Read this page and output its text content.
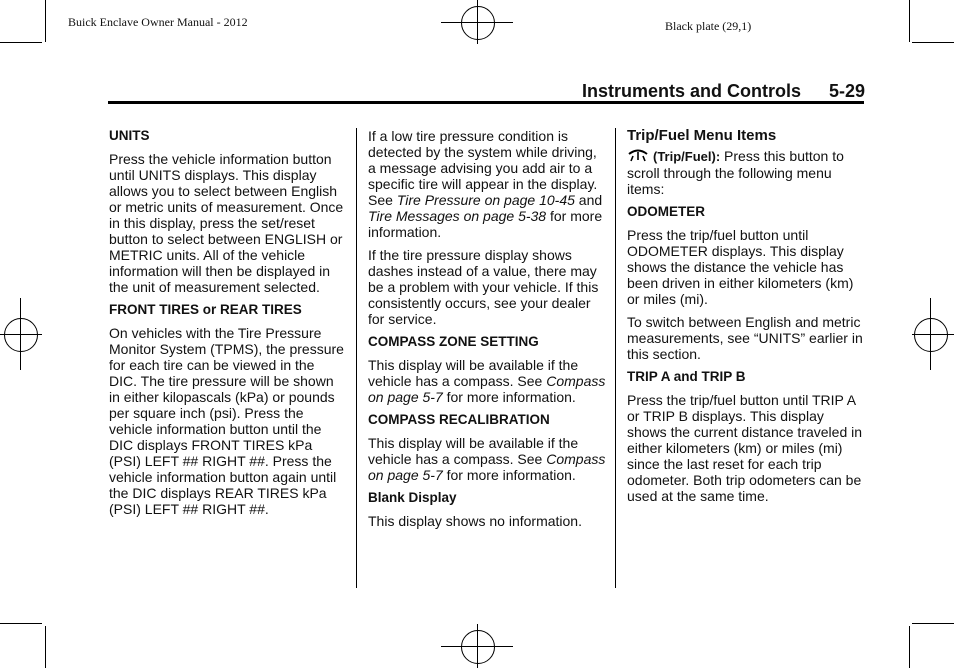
Buick Enclave Owner Manual - 2012	Black plate (29,1)
Instruments and Controls 5-29
UNITS

Press the vehicle information button until UNITS displays. This display allows you to select between English or metric units of measurement. Once in this display, press the set/reset button to select between ENGLISH or METRIC units. All of the vehicle information will then be displayed in the unit of measurement selected.

FRONT TIRES or REAR TIRES

On vehicles with the Tire Pressure Monitor System (TPMS), the pressure for each tire can be viewed in the DIC. The tire pressure will be shown in either kilopascals (kPa) or pounds per square inch (psi). Press the vehicle information button until the DIC displays FRONT TIRES kPa (PSI) LEFT ## RIGHT ##. Press the vehicle information button again until the DIC displays REAR TIRES kPa (PSI) LEFT ## RIGHT ##.

If a low tire pressure condition is detected by the system while driving, a message advising you add air to a specific tire will appear in the display. See Tire Pressure on page 10-45 and Tire Messages on page 5-38 for more information.

If the tire pressure display shows dashes instead of a value, there may be a problem with your vehicle. If this consistently occurs, see your dealer for service.

COMPASS ZONE SETTING

This display will be available if the vehicle has a compass. See Compass on page 5-7 for more information.

COMPASS RECALIBRATION

This display will be available if the vehicle has a compass. See Compass on page 5-7 for more information.

Blank Display

This display shows no information.

Trip/Fuel Menu Items

(Trip/Fuel): Press this button to scroll through the following menu items:

ODOMETER

Press the trip/fuel button until ODOMETER displays. This display shows the distance the vehicle has been driven in either kilometers (km) or miles (mi).

To switch between English and metric measurements, see “UNITS” earlier in this section.

TRIP A and TRIP B

Press the trip/fuel button until TRIP A or TRIP B displays. This display shows the current distance traveled in either kilometers (km) or miles (mi) since the last reset for each trip odometer. Both trip odometers can be used at the same time.
